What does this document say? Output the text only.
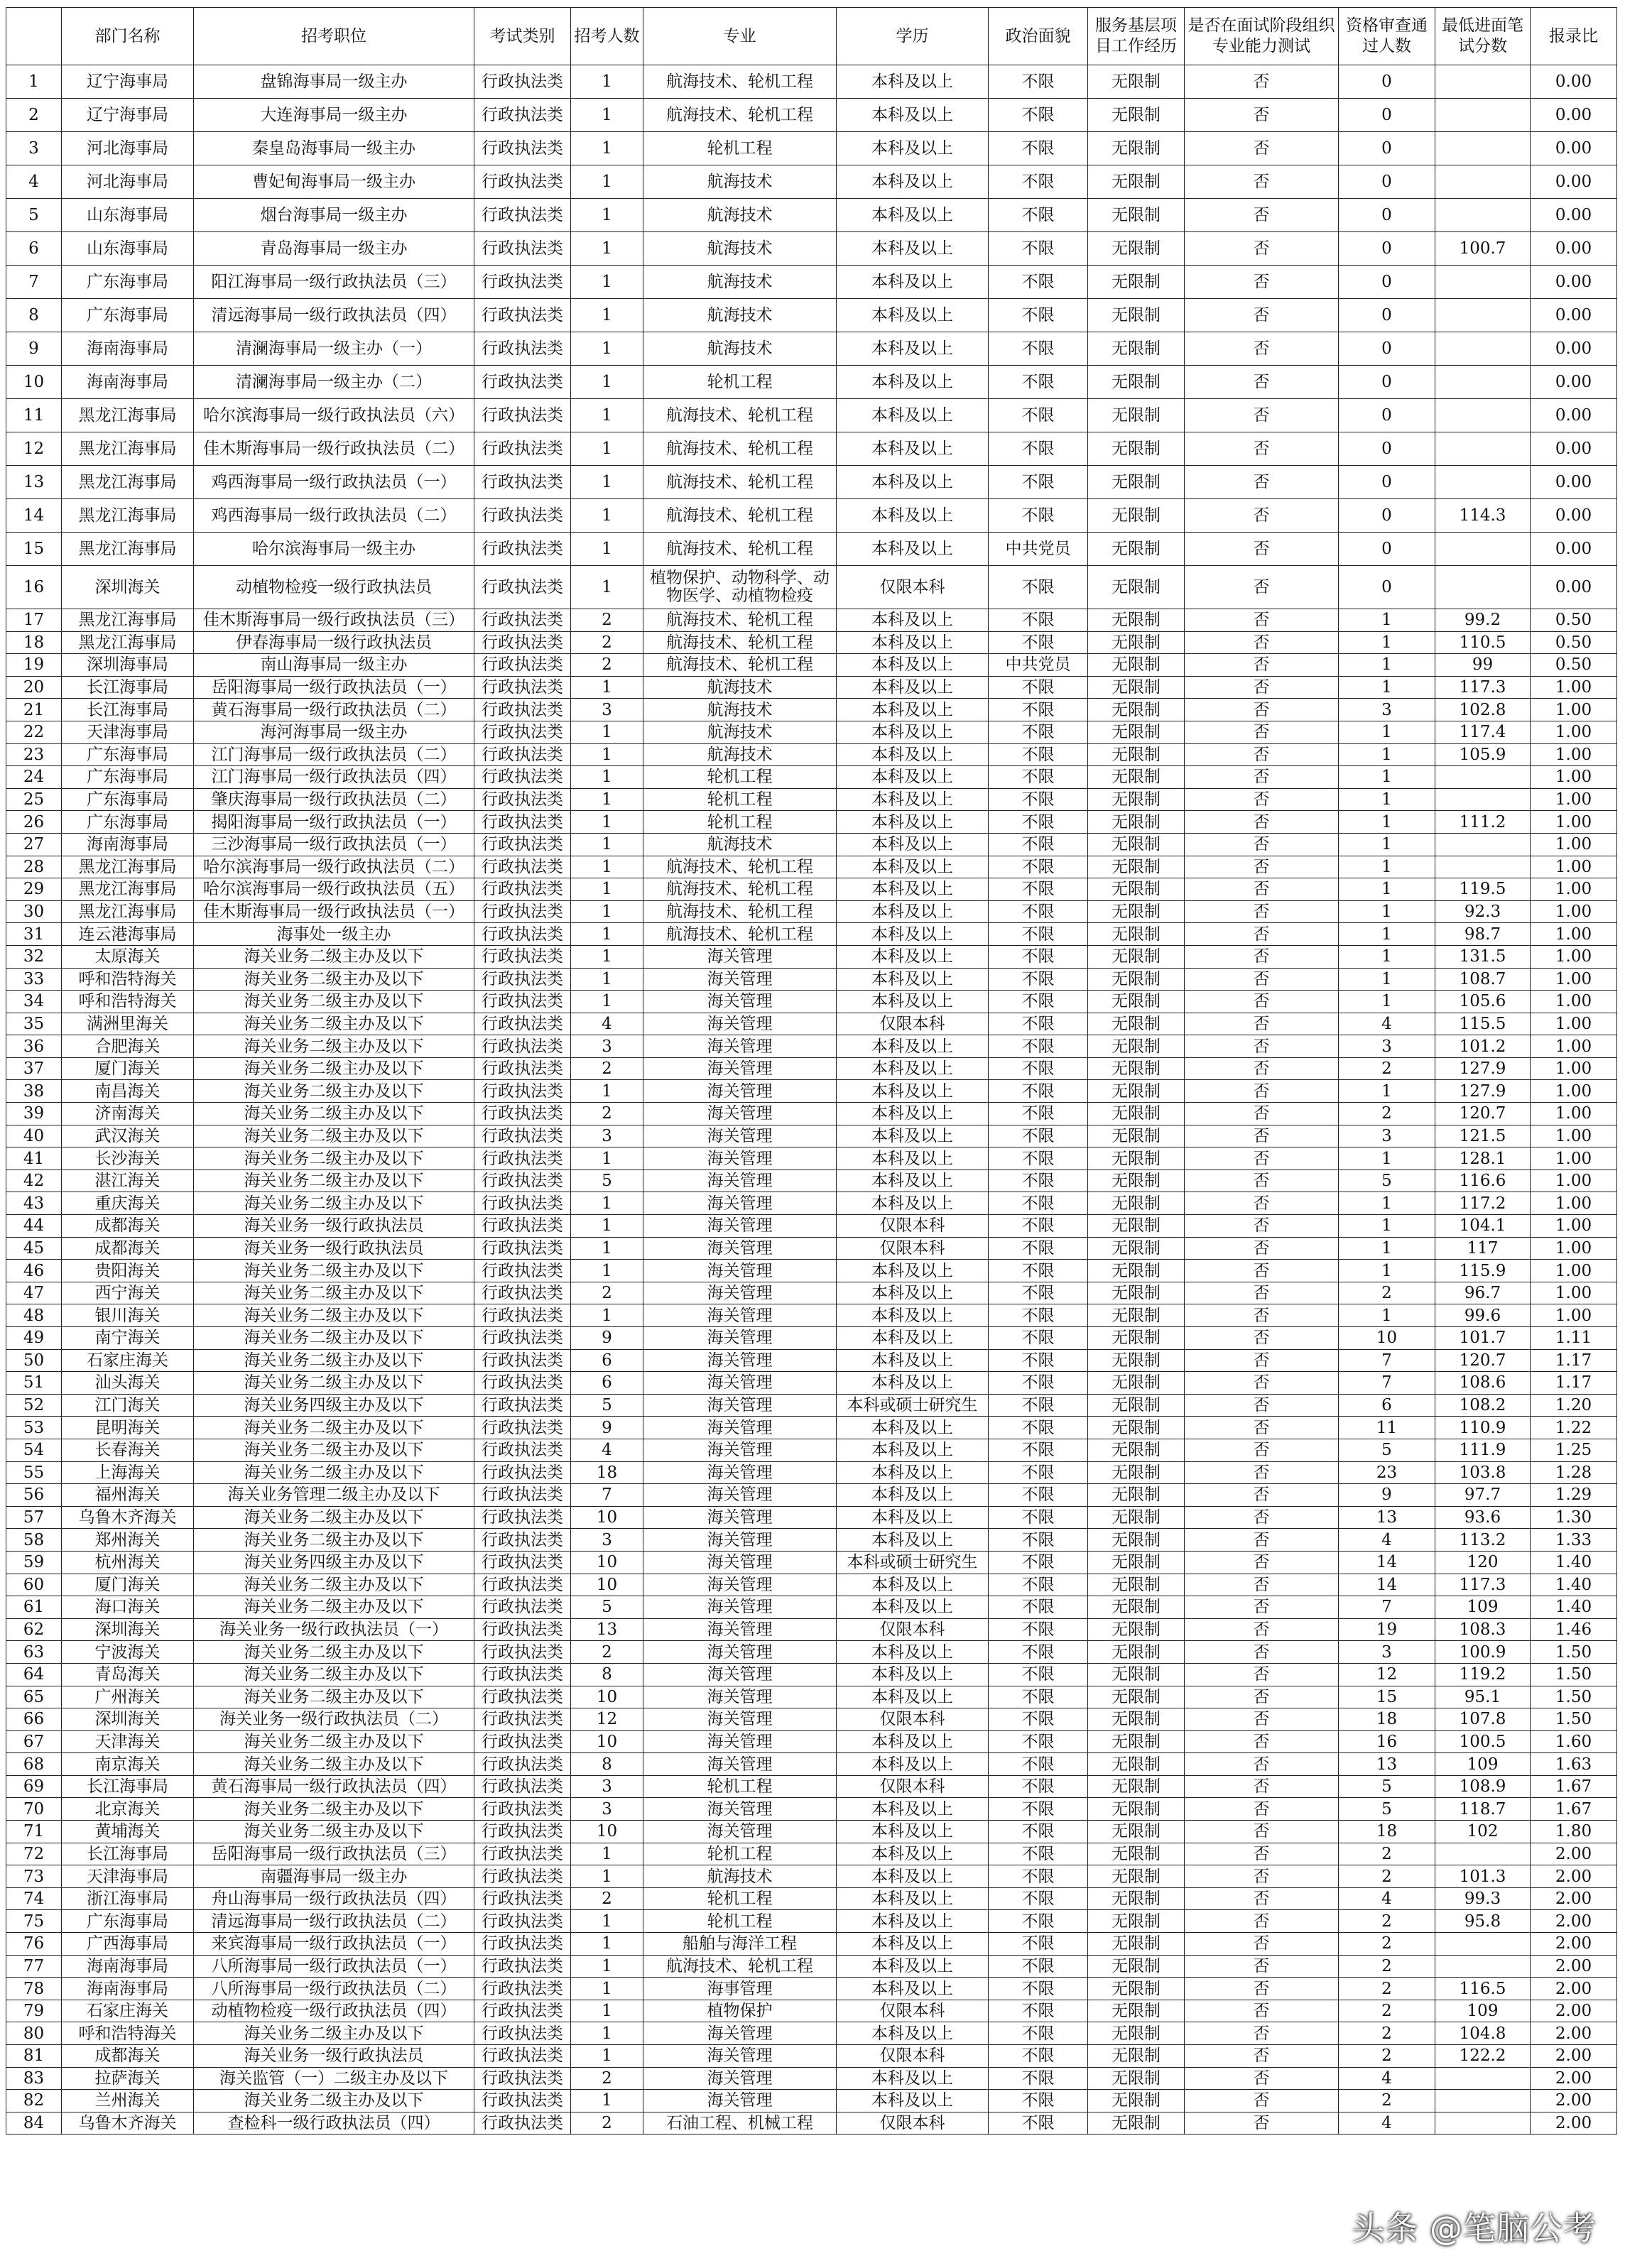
	部门名称	招考职位	考试类别	招考人数	专业	学历	政治面貌	服务基层项目工作经历	是否在面试阶段组织专业能力测试	资格审查通过人数	最低进面笔试分数	报录比
1	辽宁海事局	盘锦海事局一级主办	行政执法类	1	航海技术、轮机工程	本科及以上	不限	无限制	否	0		0.00
2	辽宁海事局	大连海事局一级主办	行政执法类	1	航海技术、轮机工程	本科及以上	不限	无限制	否	0		0.00
3	河北海事局	秦皇岛海事局一级主办	行政执法类	1	轮机工程	本科及以上	不限	无限制	否	0		0.00
4	河北海事局	曹妃甸海事局一级主办	行政执法类	1	航海技术	本科及以上	不限	无限制	否	0		0.00
5	山东海事局	烟台海事局一级主办	行政执法类	1	航海技术	本科及以上	不限	无限制	否	0		0.00
6	山东海事局	青岛海事局一级主办	行政执法类	1	航海技术	本科及以上	不限	无限制	否	0	100.7	0.00
7	广东海事局	阳江海事局一级行政执法员（三）	行政执法类	1	航海技术	本科及以上	不限	无限制	否	0		0.00
8	广东海事局	清远海事局一级行政执法员（四）	行政执法类	1	航海技术	本科及以上	不限	无限制	否	0		0.00
9	海南海事局	清澜海事局一级主办（一）	行政执法类	1	航海技术	本科及以上	不限	无限制	否	0		0.00
10	海南海事局	清澜海事局一级主办（二）	行政执法类	1	轮机工程	本科及以上	不限	无限制	否	0		0.00
11	黑龙江海事局	哈尔滨海事局一级行政执法员（六）	行政执法类	1	航海技术、轮机工程	本科及以上	不限	无限制	否	0		0.00
12	黑龙江海事局	佳木斯海事局一级行政执法员（二）	行政执法类	1	航海技术、轮机工程	本科及以上	不限	无限制	否	0		0.00
13	黑龙江海事局	鸡西海事局一级行政执法员（一）	行政执法类	1	航海技术、轮机工程	本科及以上	不限	无限制	否	0		0.00
14	黑龙江海事局	鸡西海事局一级行政执法员（二）	行政执法类	1	航海技术、轮机工程	本科及以上	不限	无限制	否	0	114.3	0.00
15	黑龙江海事局	哈尔滨海事局一级主办	行政执法类	1	航海技术、轮机工程	本科及以上	中共党员	无限制	否	0		0.00
16	深圳海关	动植物检疫一级行政执法员	行政执法类	1	植物保护、动物科学、动物医学、动植物检疫	仅限本科	不限	无限制	否	0		0.00
17	黑龙江海事局	佳木斯海事局一级行政执法员（三）	行政执法类	2	航海技术、轮机工程	本科及以上	不限	无限制	否	1	99.2	0.50
18	黑龙江海事局	伊春海事局一级行政执法员	行政执法类	2	航海技术、轮机工程	本科及以上	不限	无限制	否	1	110.5	0.50
19	深圳海事局	南山海事局一级主办	行政执法类	2	航海技术、轮机工程	本科及以上	中共党员	无限制	否	1	99	0.50
20	长江海事局	岳阳海事局一级行政执法员（一）	行政执法类	1	航海技术	本科及以上	不限	无限制	否	1	117.3	1.00
21	长江海事局	黄石海事局一级行政执法员（二）	行政执法类	3	航海技术	本科及以上	不限	无限制	否	3	102.8	1.00
22	天津海事局	海河海事局一级主办	行政执法类	1	航海技术	本科及以上	不限	无限制	否	1	117.4	1.00
23	广东海事局	江门海事局一级行政执法员（二）	行政执法类	1	航海技术	本科及以上	不限	无限制	否	1	105.9	1.00
24	广东海事局	江门海事局一级行政执法员（四）	行政执法类	1	轮机工程	本科及以上	不限	无限制	否	1		1.00
25	广东海事局	肇庆海事局一级行政执法员（二）	行政执法类	1	轮机工程	本科及以上	不限	无限制	否	1		1.00
26	广东海事局	揭阳海事局一级行政执法员（一）	行政执法类	1	轮机工程	本科及以上	不限	无限制	否	1	111.2	1.00
27	海南海事局	三沙海事局一级行政执法员（一）	行政执法类	1	航海技术	本科及以上	不限	无限制	否	1		1.00
28	黑龙江海事局	哈尔滨海事局一级行政执法员（二）	行政执法类	1	航海技术、轮机工程	本科及以上	不限	无限制	否	1		1.00
29	黑龙江海事局	哈尔滨海事局一级行政执法员（五）	行政执法类	1	航海技术、轮机工程	本科及以上	不限	无限制	否	1	119.5	1.00
30	黑龙江海事局	佳木斯海事局一级行政执法员（一）	行政执法类	1	航海技术、轮机工程	本科及以上	不限	无限制	否	1	92.3	1.00
31	连云港海事局	海事处一级主办	行政执法类	1	航海技术、轮机工程	本科及以上	不限	无限制	否	1	98.7	1.00
32	太原海关	海关业务二级主办及以下	行政执法类	1	海关管理	本科及以上	不限	无限制	否	1	131.5	1.00
33	呼和浩特海关	海关业务二级主办及以下	行政执法类	1	海关管理	本科及以上	不限	无限制	否	1	108.7	1.00
34	呼和浩特海关	海关业务二级主办及以下	行政执法类	1	海关管理	本科及以上	不限	无限制	否	1	105.6	1.00
35	满洲里海关	海关业务二级主办及以下	行政执法类	4	海关管理	仅限本科	不限	无限制	否	4	115.5	1.00
36	合肥海关	海关业务二级主办及以下	行政执法类	3	海关管理	本科及以上	不限	无限制	否	3	101.2	1.00
37	厦门海关	海关业务二级主办及以下	行政执法类	2	海关管理	本科及以上	不限	无限制	否	2	127.9	1.00
38	南昌海关	海关业务二级主办及以下	行政执法类	1	海关管理	本科及以上	不限	无限制	否	1	127.9	1.00
39	济南海关	海关业务二级主办及以下	行政执法类	2	海关管理	本科及以上	不限	无限制	否	2	120.7	1.00
40	武汉海关	海关业务二级主办及以下	行政执法类	3	海关管理	本科及以上	不限	无限制	否	3	121.5	1.00
41	长沙海关	海关业务二级主办及以下	行政执法类	1	海关管理	本科及以上	不限	无限制	否	1	128.1	1.00
42	湛江海关	海关业务二级主办及以下	行政执法类	5	海关管理	本科及以上	不限	无限制	否	5	116.6	1.00
43	重庆海关	海关业务二级主办及以下	行政执法类	1	海关管理	本科及以上	不限	无限制	否	1	117.2	1.00
44	成都海关	海关业务一级行政执法员	行政执法类	1	海关管理	仅限本科	不限	无限制	否	1	104.1	1.00
45	成都海关	海关业务一级行政执法员	行政执法类	1	海关管理	仅限本科	不限	无限制	否	1	117	1.00
46	贵阳海关	海关业务二级主办及以下	行政执法类	1	海关管理	本科及以上	不限	无限制	否	1	115.9	1.00
47	西宁海关	海关业务二级主办及以下	行政执法类	2	海关管理	本科及以上	不限	无限制	否	2	96.7	1.00
48	银川海关	海关业务二级主办及以下	行政执法类	1	海关管理	本科及以上	不限	无限制	否	1	99.6	1.00
49	南宁海关	海关业务二级主办及以下	行政执法类	9	海关管理	本科及以上	不限	无限制	否	10	101.7	1.11
50	石家庄海关	海关业务二级主办及以下	行政执法类	6	海关管理	本科及以上	不限	无限制	否	7	120.7	1.17
51	汕头海关	海关业务二级主办及以下	行政执法类	6	海关管理	本科及以上	不限	无限制	否	7	108.6	1.17
52	江门海关	海关业务四级主办及以下	行政执法类	5	海关管理	本科或硕士研究生	不限	无限制	否	6	108.2	1.20
53	昆明海关	海关业务二级主办及以下	行政执法类	9	海关管理	本科及以上	不限	无限制	否	11	110.9	1.22
54	长春海关	海关业务二级主办及以下	行政执法类	4	海关管理	本科及以上	不限	无限制	否	5	111.9	1.25
55	上海海关	海关业务二级主办及以下	行政执法类	18	海关管理	本科及以上	不限	无限制	否	23	103.8	1.28
56	福州海关	海关业务管理二级主办及以下	行政执法类	7	海关管理	本科及以上	不限	无限制	否	9	97.7	1.29
57	乌鲁木齐海关	海关业务二级主办及以下	行政执法类	10	海关管理	本科及以上	不限	无限制	否	13	93.6	1.30
58	郑州海关	海关业务二级主办及以下	行政执法类	3	海关管理	本科及以上	不限	无限制	否	4	113.2	1.33
59	杭州海关	海关业务四级主办及以下	行政执法类	10	海关管理	本科或硕士研究生	不限	无限制	否	14	120	1.40
60	厦门海关	海关业务二级主办及以下	行政执法类	10	海关管理	本科及以上	不限	无限制	否	14	117.3	1.40
61	海口海关	海关业务二级主办及以下	行政执法类	5	海关管理	本科及以上	不限	无限制	否	7	109	1.40
62	深圳海关	海关业务一级行政执法员（一）	行政执法类	13	海关管理	仅限本科	不限	无限制	否	19	108.3	1.46
63	宁波海关	海关业务二级主办及以下	行政执法类	2	海关管理	本科及以上	不限	无限制	否	3	100.9	1.50
64	青岛海关	海关业务二级主办及以下	行政执法类	8	海关管理	本科及以上	不限	无限制	否	12	119.2	1.50
65	广州海关	海关业务二级主办及以下	行政执法类	10	海关管理	本科及以上	不限	无限制	否	15	95.1	1.50
66	深圳海关	海关业务一级行政执法员（二）	行政执法类	12	海关管理	仅限本科	不限	无限制	否	18	107.8	1.50
67	天津海关	海关业务二级主办及以下	行政执法类	10	海关管理	本科及以上	不限	无限制	否	16	100.5	1.60
68	南京海关	海关业务二级主办及以下	行政执法类	8	海关管理	本科及以上	不限	无限制	否	13	109	1.63
69	长江海事局	黄石海事局一级行政执法员（四）	行政执法类	3	轮机工程	仅限本科	不限	无限制	否	5	108.9	1.67
70	北京海关	海关业务二级主办及以下	行政执法类	3	海关管理	本科及以上	不限	无限制	否	5	118.7	1.67
71	黄埔海关	海关业务二级主办及以下	行政执法类	10	海关管理	本科及以上	不限	无限制	否	18	102	1.80
72	长江海事局	岳阳海事局一级行政执法员（三）	行政执法类	1	轮机工程	本科及以上	不限	无限制	否	2		2.00
73	天津海事局	南疆海事局一级主办	行政执法类	1	航海技术	本科及以上	不限	无限制	否	2	101.3	2.00
74	浙江海事局	舟山海事局一级行政执法员（四）	行政执法类	2	轮机工程	本科及以上	不限	无限制	否	4	99.3	2.00
75	广东海事局	清远海事局一级行政执法员（二）	行政执法类	1	轮机工程	本科及以上	不限	无限制	否	2	95.8	2.00
76	广西海事局	来宾海事局一级行政执法员（一）	行政执法类	1	船舶与海洋工程	本科及以上	不限	无限制	否	2		2.00
77	海南海事局	八所海事局一级行政执法员（一）	行政执法类	1	航海技术、轮机工程	本科及以上	不限	无限制	否	2		2.00
78	海南海事局	八所海事局一级行政执法员（二）	行政执法类	1	海事管理	本科及以上	不限	无限制	否	2	116.5	2.00
79	石家庄海关	动植物检疫一级行政执法员（四）	行政执法类	1	植物保护	仅限本科	不限	无限制	否	2	109	2.00
80	呼和浩特海关	海关业务二级主办及以下	行政执法类	1	海关管理	本科及以上	不限	无限制	否	2	104.8	2.00
81	成都海关	海关业务一级行政执法员	行政执法类	1	海关管理	仅限本科	不限	无限制	否	2	122.2	2.00
83	拉萨海关	海关监管（一）二级主办及以下	行政执法类	2	海关管理	本科及以上	不限	无限制	否	4		2.00
82	兰州海关	海关业务二级主办及以下	行政执法类	1	海关管理	本科及以上	不限	无限制	否	2		2.00
84	乌鲁木齐海关	查检科一级行政执法员（四）	行政执法类	2	石油工程、机械工程	仅限本科	不限	无限制	否	4		2.00
头条 @笔脑公考
